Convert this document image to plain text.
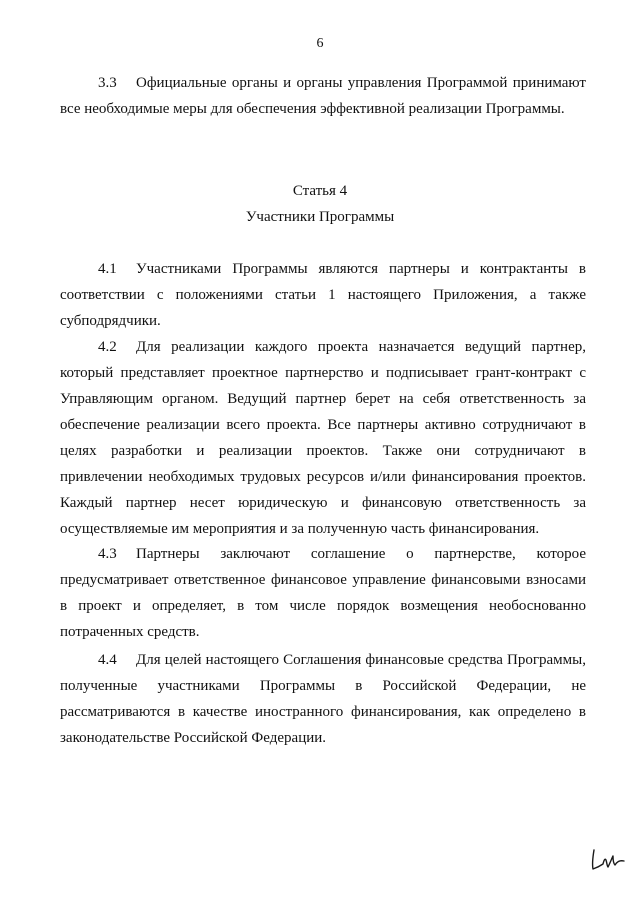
6
3.3 Официальные органы и органы управления Программой принимают все необходимые меры для обеспечения эффективной реализации Программы.
Статья 4
Участники Программы
4.1 Участниками Программы являются партнеры и контрактанты в соответствии с положениями статьи 1 настоящего Приложения, а также субподрядчики.
4.2 Для реализации каждого проекта назначается ведущий партнер, который представляет проектное партнерство и подписывает грант-контракт с Управляющим органом. Ведущий партнер берет на себя ответственность за обеспечение реализации всего проекта. Все партнеры активно сотрудничают в целях разработки и реализации проектов. Также они сотрудничают в привлечении необходимых трудовых ресурсов и/или финансирования проектов. Каждый партнер несет юридическую и финансовую ответственность за осуществляемые им мероприятия и за полученную часть финансирования.
4.3 Партнеры заключают соглашение о партнерстве, которое предусматривает ответственное финансовое управление финансовыми взносами в проект и определяет, в том числе порядок возмещения необоснованно потраченных средств.
4.4 Для целей настоящего Соглашения финансовые средства Программы, полученные участниками Программы в Российской Федерации, не рассматриваются в качестве иностранного финансирования, как определено в законодательстве Российской Федерации.
